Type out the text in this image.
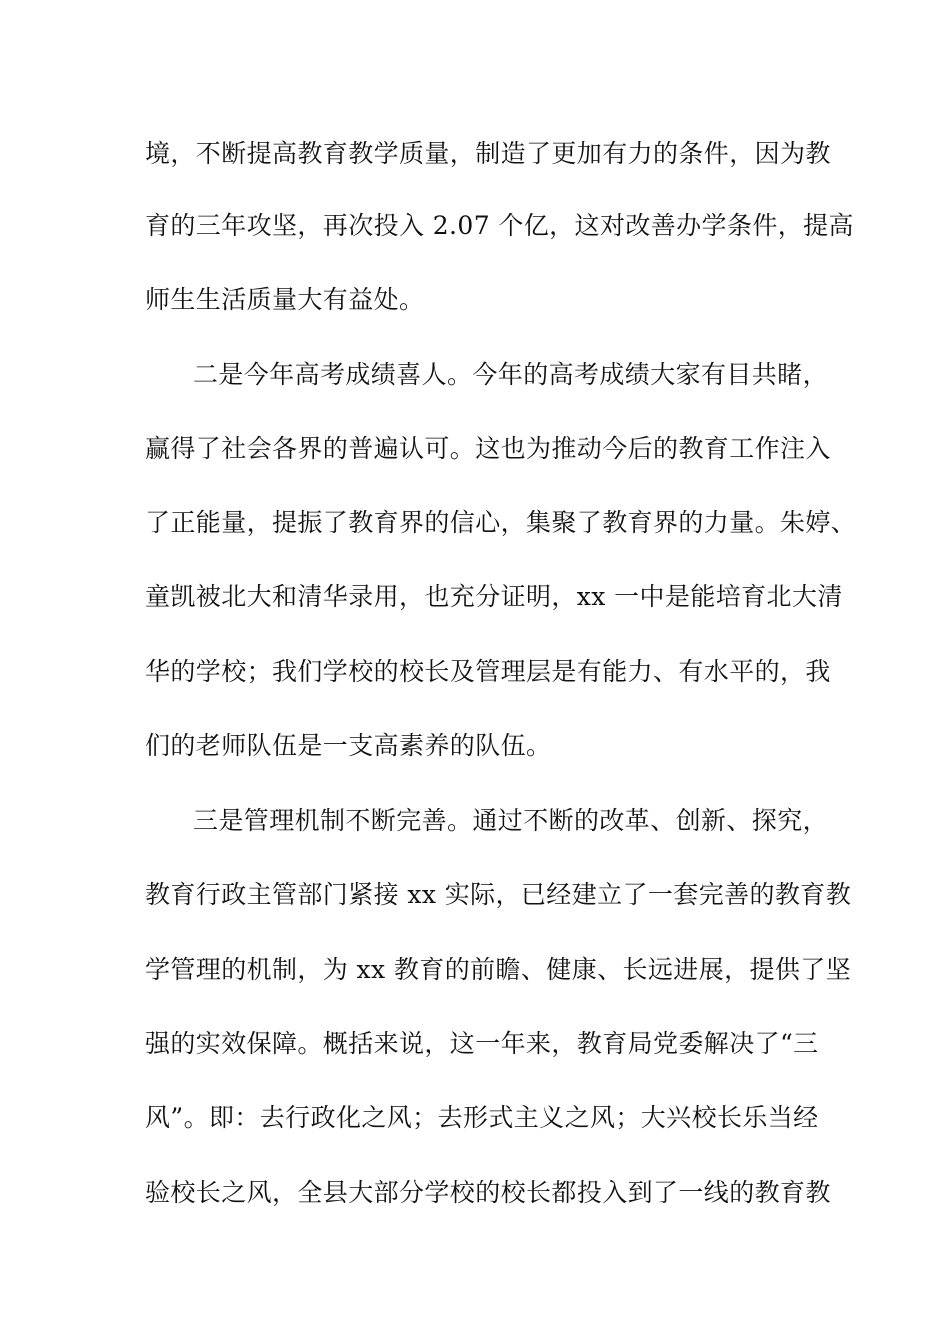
境，不断提高教育教学质量，制造了更加有力的条件，因为教
育的三年攻坚，再次投入 2.07 个亿，这对改善办学条件，提高
师生生活质量大有益处。
二是今年高考成绩喜人。今年的高考成绩大家有目共睹，
赢得了社会各界的普遍认可。这也为推动今后的教育工作注入
了正能量，提振了教育界的信心，集聚了教育界的力量。朱婷、
童凯被北大和清华录用，也充分证明，xx 一中是能培育北大清
华的学校；我们学校的校长及管理层是有能力、有水平的，我
们的老师队伍是一支高素养的队伍。
三是管理机制不断完善。通过不断的改革、创新、探究，
教育行政主管部门紧接 xx 实际，已经建立了一套完善的教育教
学管理的机制，为 xx 教育的前瞻、健康、长远进展，提供了坚
强的实效保障。概括来说，这一年来，教育局党委解决了“三
风”。即：去行政化之风；去形式主义之风；大兴校长乐当经
验校长之风，全县大部分学校的校长都投入到了一线的教育教
